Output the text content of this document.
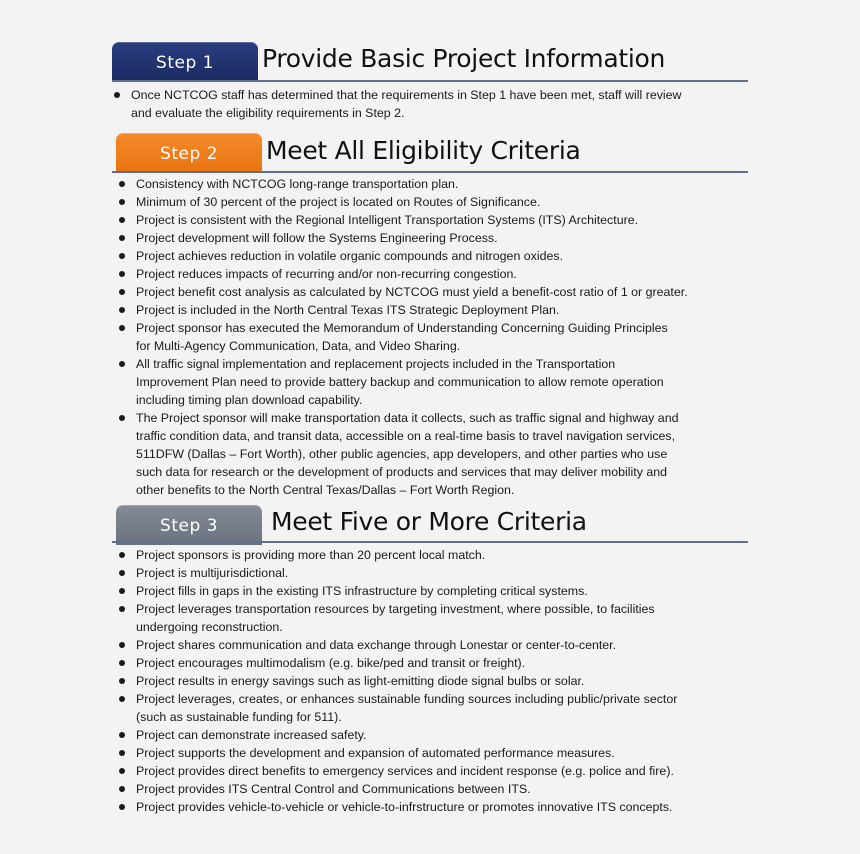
Step 1	Provide Basic Project Information
Once NCTCOG staff has determined that the requirements in Step 1 have been met, staff will review
and evaluate the eligibility requirements in Step 2.
Step 2	Meet All Eligibility Criteria
Consistency with NCTCOG long-range transportation plan.
Minimum of 30 percent of the project is located on Routes of Significance.
Project is consistent with the Regional Intelligent Transportation Systems (ITS) Architecture.
Project development will follow the Systems Engineering Process.
Project achieves reduction in volatile organic compounds and nitrogen oxides.
Project reduces impacts of recurring and/or non-recurring congestion.
Project benefit cost analysis as calculated by NCTCOG must yield a benefit-cost ratio of 1 or greater.
Project is included in the North Central Texas ITS Strategic Deployment Plan.
Project sponsor has executed the Memorandum of Understanding Concerning Guiding Principles
for Multi-Agency Communication, Data, and Video Sharing.
All traffic signal implementation and replacement projects included in the Transportation
Improvement Plan need to provide battery backup and communication to allow remote operation
including timing plan download capability.
The Project sponsor will make transportation data it collects, such as traffic signal and highway and
traffic condition data, and transit data, accessible on a real-time basis to travel navigation services,
511DFW (Dallas – Fort Worth), other public agencies, app developers, and other parties who use
such data for research or the development of products and services that may deliver mobility and
other benefits to the North Central Texas/Dallas – Fort Worth Region.
Step 3	Meet Five or More Criteria
Project sponsors is providing more than 20 percent local match.
Project is multijurisdictional.
Project fills in gaps in the existing ITS infrastructure by completing critical systems.
Project leverages transportation resources by targeting investment, where possible, to facilities
undergoing reconstruction.
Project shares communication and data exchange through Lonestar or center-to-center.
Project encourages multimodalism (e.g. bike/ped and transit or freight).
Project results in energy savings such as light-emitting diode signal bulbs or solar.
Project leverages, creates, or enhances sustainable funding sources including public/private sector
(such as sustainable funding for 511).
Project can demonstrate increased safety.
Project supports the development and expansion of automated performance measures.
Project provides direct benefits to emergency services and incident response (e.g. police and fire).
Project provides ITS Central Control and Communications between ITS.
Project provides vehicle-to-vehicle or vehicle-to-infrstructure or promotes innovative ITS concepts.
